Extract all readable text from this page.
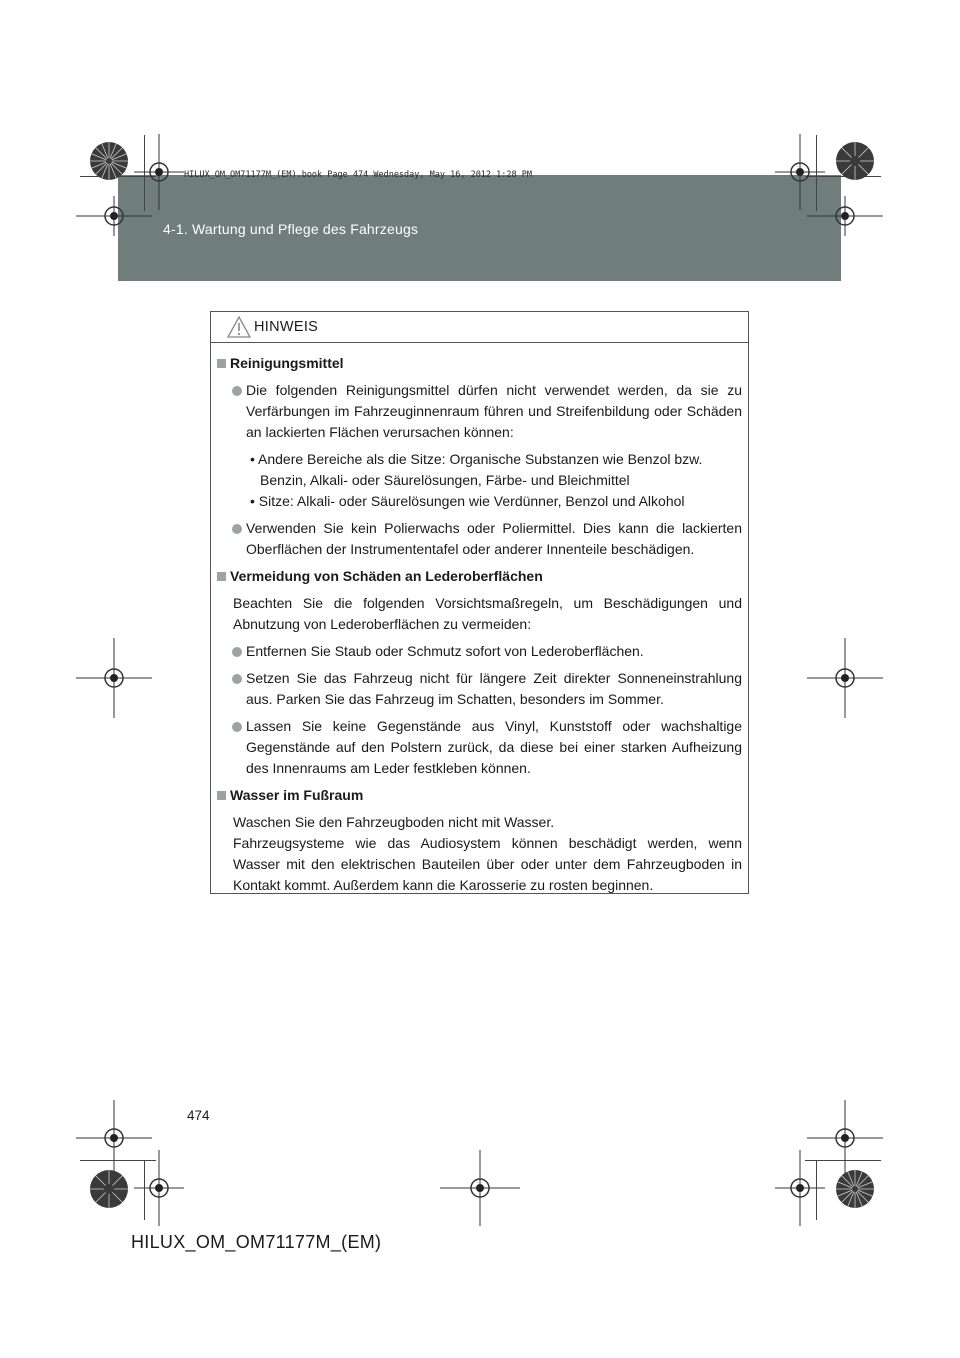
4-1. Wartung und Pflege des Fahrzeugs
HILUX_OM_OM71177M_(EM).book Page 474 Wednesday, May 16, 2012 1:28 PM
HINWEIS
Reinigungsmittel
Die folgenden Reinigungsmittel dürfen nicht verwendet werden, da sie zu Verfärbungen im Fahrzeuginnenraum führen und Streifenbildung oder Schäden an lackierten Flächen verursachen können:
• Andere Bereiche als die Sitze: Organische Substanzen wie Benzol bzw. Benzin, Alkali- oder Säurelösungen, Färbe- und Bleichmittel
• Sitze: Alkali- oder Säurelösungen wie Verdünner, Benzol und Alkohol
Verwenden Sie kein Polierwachs oder Poliermittel. Dies kann die lackierten Oberflächen der Instrumententafel oder anderer Innenteile beschädigen.
Vermeidung von Schäden an Lederoberflächen
Beachten Sie die folgenden Vorsichtsmaßregeln, um Beschädigungen und Abnutzung von Lederoberflächen zu vermeiden:
Entfernen Sie Staub oder Schmutz sofort von Lederoberflächen.
Setzen Sie das Fahrzeug nicht für längere Zeit direkter Sonneneinstrahlung aus. Parken Sie das Fahrzeug im Schatten, besonders im Sommer.
Lassen Sie keine Gegenstände aus Vinyl, Kunststoff oder wachshaltige Gegenstände auf den Polstern zurück, da diese bei einer starken Aufheizung des Innenraums am Leder festkleben können.
Wasser im Fußraum
Waschen Sie den Fahrzeugboden nicht mit Wasser.
Fahrzeugsysteme wie das Audiosystem können beschädigt werden, wenn Wasser mit den elektrischen Bauteilen über oder unter dem Fahrzeugboden in Kontakt kommt. Außerdem kann die Karosserie zu rosten beginnen.
474
HILUX_OM_OM71177M_(EM)
